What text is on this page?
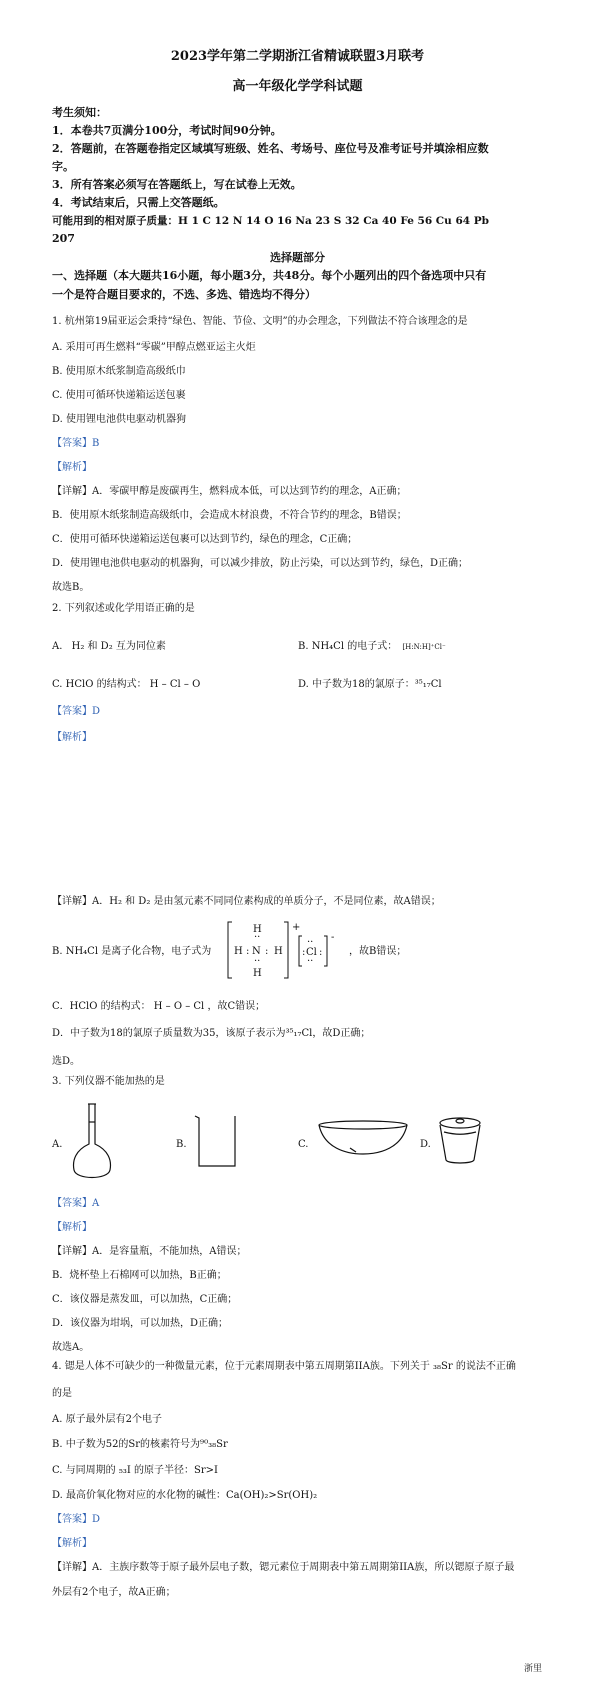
2023学年第二学期浙江省精诚联盟3月联考
高一年级化学学科试题
考生须知：
1．本卷共7页满分100分，考试时间90分钟。
2．答题前，在答题卷指定区域填写班级、姓名、考场号、座位号及准考证号并填涂相应数
字。
3．所有答案必须写在答题纸上，写在试卷上无效。
4．考试结束后，只需上交答题纸。
可能用到的相对原子质量：H 1 C 12 N 14 O 16 Na 23 S 32 Ca 40 Fe 56 Cu 64 Pb
207
选择题部分
一、选择题（本大题共16小题，每小题3分，共48分。每个小题列出的四个备选项中只有
一个是符合题目要求的，不选、多选、错选均不得分）
1. 杭州第19届亚运会秉持“绿色、智能、节俭、文明”的办会理念，下列做法不符合该理念的是
A. 采用可再生燃料“零碳”甲醇点燃亚运主火炬
B. 使用原木纸浆制造高级纸巾
C. 使用可循环快递箱运送包裹
D. 使用锂电池供电驱动机器狗
【答案】B
【解析】
【详解】A．零碳甲醇是废碳再生，燃料成本低，可以达到节约的理念，A正确；
B．使用原木纸浆制造高级纸巾，会造成木材浪费，不符合节约的理念，B错误；
C．使用可循环快递箱运送包裹可以达到节约，绿色的理念，C正确；
D．使用锂电池供电驱动的机器狗，可以减少排放，防止污染，可以达到节约，绿色，D正确；
故选B。
2. 下列叙述或化学用语正确的是
A. H₂ 和 D₂ 互为同位素	B. NH₄Cl 的电子式： [H:N:H]⁺Cl⁻
C. HClO 的结构式： H – Cl – O	D. 中子数为18的氯原子：³⁵₁₇Cl
【答案】D
【解析】
【详解】A．H₂ 和 D₂ 是由氢元素不同同位素构成的单质分子，不是同位素，故A错误；
B. NH₄Cl 是离子化合物，电子式为
H
H
H	H
N
: :
··
··
+
Cl
: :
··
··
-
，故B错误；
C．HClO 的结构式： H – O – Cl ，故C错误；
D．中子数为18的氯原子质量数为35，该原子表示为³⁵₁₇Cl，故D正确；
选D。
3. 下列仪器不能加热的是
A.	B.	C.	D.
【答案】A
【解析】
【详解】A．是容量瓶，不能加热，A错误；
B．烧杯垫上石棉网可以加热，B正确；
C．该仪器是蒸发皿，可以加热，C正确；
D．该仪器为坩埚，可以加热，D正确；
故选A。
4. 锶是人体不可缺少的一种微量元素，位于元素周期表中第五周期第IIA族。下列关于 ₃₈Sr 的说法不正确
的是
A. 原子最外层有2个电子
B. 中子数为52的Sr的核素符号为⁹⁰₃₈Sr
C. 与同周期的 ₅₃I 的原子半径：Sr>I
D. 最高价氧化物对应的水化物的碱性：Ca(OH)₂>Sr(OH)₂
【答案】D
【解析】
【详解】A．主族序数等于原子最外层电子数，锶元素位于周期表中第五周期第IIA族，所以锶原子原子最
外层有2个电子，故A正确；
浙里
